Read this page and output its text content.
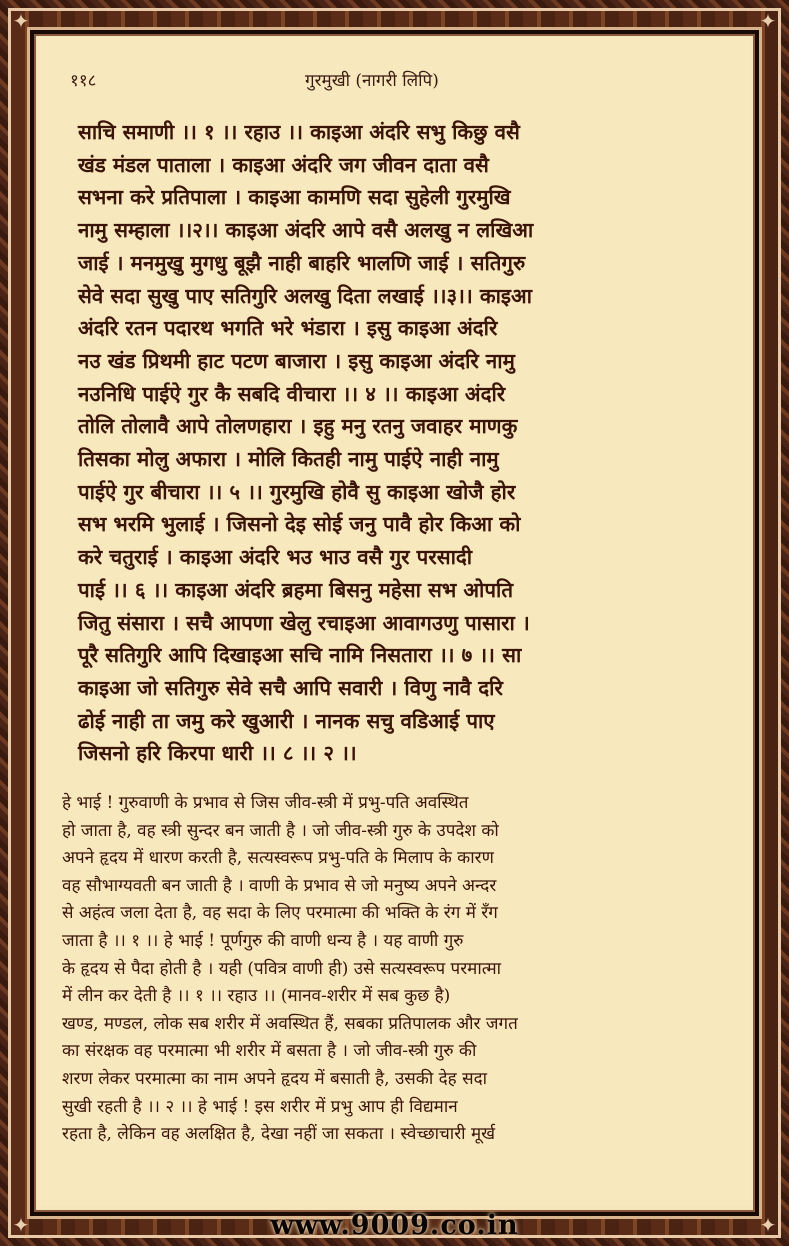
✦	✦
✦	✦
११८	गुरमुखी (नागरी लिपि)
साचि समाणी ।। १ ।। रहाउ ।। काइआ अंदरि सभु किछु वसै
खंड मंडल पाताला । काइआ अंदरि जग जीवन दाता वसै
सभना करे प्रतिपाला । काइआ कामणि सदा सुहेली गुरमुखि
नामु सम्हाला ।।२।। काइआ अंदरि आपे वसै अलखु न लखिआ
जाई । मनमुखु मुगधु बूझै नाही बाहरि भालणि जाई । सतिगुरु
सेवे सदा सुखु पाए सतिगुरि अलखु दिता लखाई ।।३।। काइआ
अंदरि रतन पदारथ भगति भरे भंडारा । इसु काइआ अंदरि
नउ खंड प्रिथमी हाट पटण बाजारा । इसु काइआ अंदरि नामु
नउनिधि पाईऐ गुर कै सबदि वीचारा ।। ४ ।। काइआ अंदरि
तोलि तोलावै आपे तोलणहारा । इहु मनु रतनु जवाहर माणकु
तिसका मोलु अफारा । मोलि कितही नामु पाईऐ नाही नामु
पाईऐ गुर बीचारा ।। ५ ।। गुरमुखि होवै सु काइआ खोजै होर
सभ भरमि भुलाई । जिसनो देइ सोई जनु पावै होर किआ को
करे चतुराई । काइआ अंदरि भउ भाउ वसै गुर परसादी
पाई ।। ६ ।। काइआ अंदरि ब्रहमा बिसनु महेसा सभ ओपति
जितु संसारा । सचै आपणा खेलु रचाइआ आवागउणु पासारा ।
पूरै सतिगुरि आपि दिखाइआ सचि नामि निसतारा ।। ७ ।। सा
काइआ जो सतिगुरु सेवे सचै आपि सवारी । विणु नावै दरि
ढोई नाही ता जमु करे खुआरी । नानक सचु वडिआई पाए
जिसनो हरि किरपा धारी ।। ८ ।। २ ।।
हे भाई ! गुरुवाणी के प्रभाव से जिस जीव-स्त्री में प्रभु-पति अवस्थित
हो जाता है, वह स्त्री सुन्दर बन जाती है । जो जीव-स्त्री गुरु के उपदेश को
अपने हृदय में धारण करती है, सत्यस्वरूप प्रभु-पति के मिलाप के कारण
वह सौभाग्यवती बन जाती है । वाणी के प्रभाव से जो मनुष्य अपने अन्दर
से अहंत्व जला देता है, वह सदा के लिए परमात्मा की भक्ति के रंग में रँग
जाता है ।। १ ।। हे भाई ! पूर्णगुरु की वाणी धन्य है । यह वाणी गुरु
के हृदय से पैदा होती है । यही (पवित्र वाणी ही) उसे सत्यस्वरूप परमात्मा
में लीन कर देती है ।। १ ।। रहाउ ।। (मानव-शरीर में सब कुछ है)
खण्ड, मण्डल, लोक सब शरीर में अवस्थित हैं, सबका प्रतिपालक और जगत
का संरक्षक वह परमात्मा भी शरीर में बसता है । जो जीव-स्त्री गुरु की
शरण लेकर परमात्मा का नाम अपने हृदय में बसाती है, उसकी देह सदा
सुखी रहती है ।। २ ।। हे भाई ! इस शरीर में प्रभु आप ही विद्यमान
रहता है, लेकिन वह अलक्षित है, देखा नहीं जा सकता । स्वेच्छाचारी मूर्ख
www.9009.co.in
